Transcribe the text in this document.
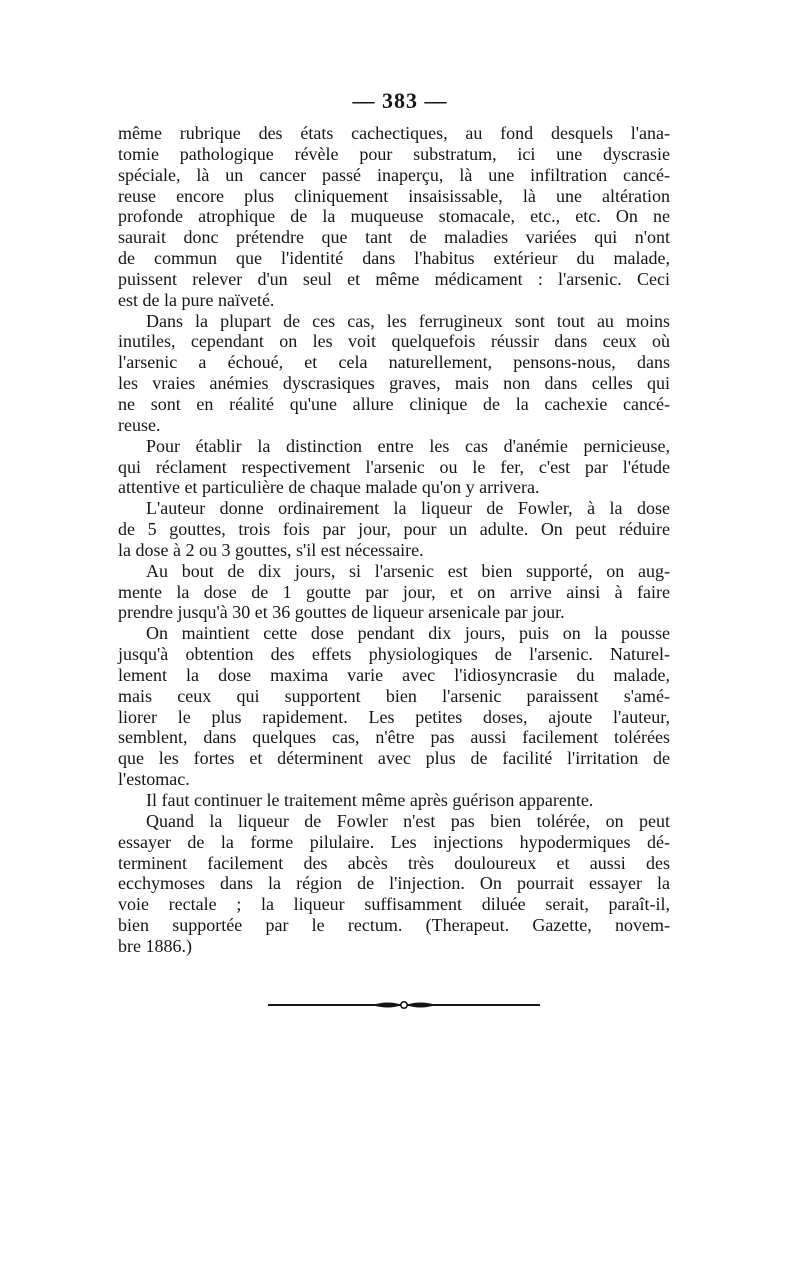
— 383 —
même rubrique des états cachectiques, au fond desquels l'ana-
tomie pathologique révèle pour substratum, ici une dyscrasie
spéciale, là un cancer passé inaperçu, là une infiltration cancé-
reuse encore plus cliniquement insaisissable, là une altération
profonde atrophique de la muqueuse stomacale, etc., etc. On ne
saurait donc prétendre que tant de maladies variées qui n'ont
de commun que l'identité dans l'habitus extérieur du malade,
puissent relever d'un seul et même médicament : l'arsenic. Ceci
est de la pure naïveté.
Dans la plupart de ces cas, les ferrugineux sont tout au moins
inutiles, cependant on les voit quelquefois réussir dans ceux où
l'arsenic a échoué, et cela naturellement, pensons-nous, dans
les vraies anémies dyscrasiques graves, mais non dans celles qui
ne sont en réalité qu'une allure clinique de la cachexie cancé-
reuse.
Pour établir la distinction entre les cas d'anémie pernicieuse,
qui réclament respectivement l'arsenic ou le fer, c'est par l'étude
attentive et particulière de chaque malade qu'on y arrivera.
L'auteur donne ordinairement la liqueur de Fowler, à la dose
de 5 gouttes, trois fois par jour, pour un adulte. On peut réduire
la dose à 2 ou 3 gouttes, s'il est nécessaire.
Au bout de dix jours, si l'arsenic est bien supporté, on aug-
mente la dose de 1 goutte par jour, et on arrive ainsi à faire
prendre jusqu'à 30 et 36 gouttes de liqueur arsenicale par jour.
On maintient cette dose pendant dix jours, puis on la pousse
jusqu'à obtention des effets physiologiques de l'arsenic. Naturel-
lement la dose maxima varie avec l'idiosyncrasie du malade,
mais ceux qui supportent bien l'arsenic paraissent s'amé-
liorer le plus rapidement. Les petites doses, ajoute l'auteur,
semblent, dans quelques cas, n'être pas aussi facilement tolérées
que les fortes et déterminent avec plus de facilité l'irritation de
l'estomac.
Il faut continuer le traitement même après guérison apparente.
Quand la liqueur de Fowler n'est pas bien tolérée, on peut
essayer de la forme pilulaire. Les injections hypodermiques dé-
terminent facilement des abcès très douloureux et aussi des
ecchymoses dans la région de l'injection. On pourrait essayer la
voie rectale ; la liqueur suffisamment diluée serait, paraît-il,
bien supportée par le rectum. (Therapeut. Gazette, novem-
bre 1886.)
